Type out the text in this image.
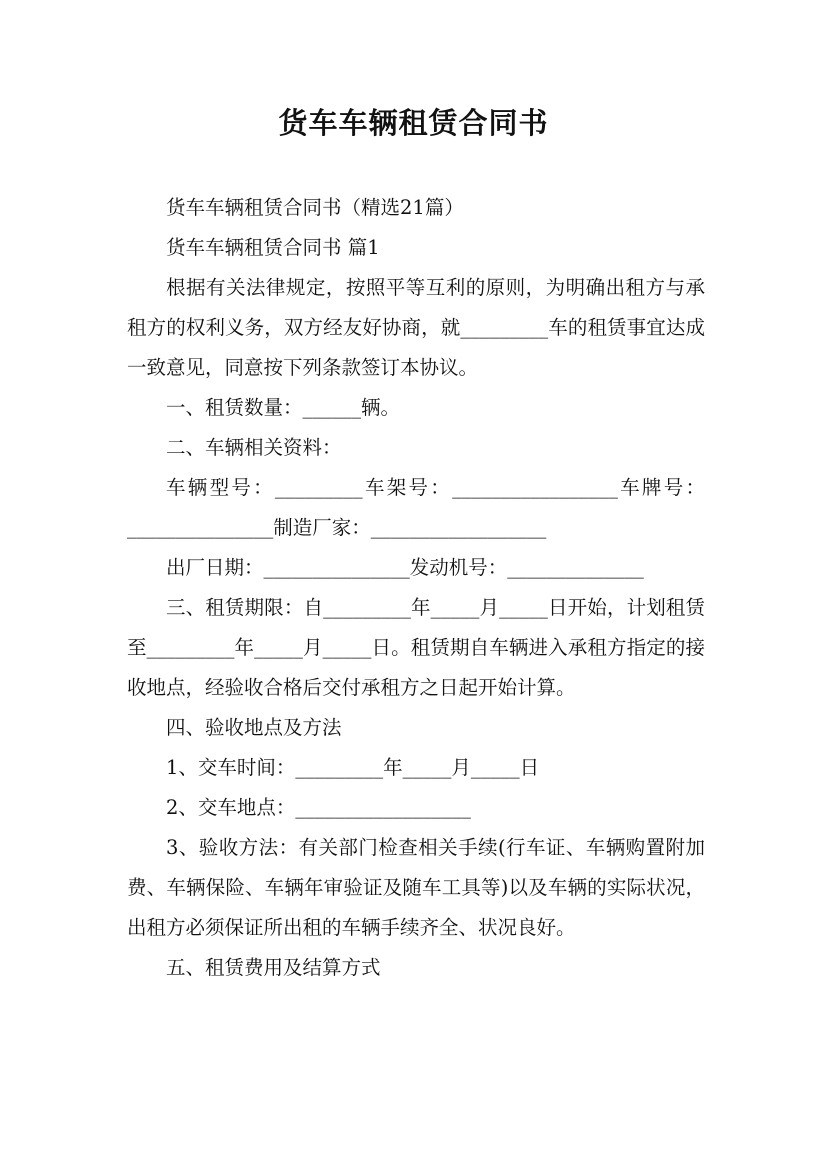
货车车辆租赁合同书

货车车辆租赁合同书（精选21篇）

货车车辆租赁合同书 篇1

根据有关法律规定，按照平等互利的原则，为明确出租方与承租方的权利义务，双方经友好协商，就_________车的租赁事宜达成一致意见，同意按下列条款签订本协议。

一、租赁数量：______辆。

二、车辆相关资料：

车辆型号：_________车架号：_________________车牌号：_______________制造厂家：__________________

出厂日期：_______________发动机号：______________

三、租赁期限：自_________年_____月_____日开始，计划租赁至_________年_____月_____日。租赁期自车辆进入承租方指定的接收地点，经验收合格后交付承租方之日起开始计算。

四、验收地点及方法

1、交车时间：_________年_____月_____日

2、交车地点：__________________

3、验收方法：有关部门检查相关手续(行车证、车辆购置附加费、车辆保险、车辆年审验证及随车工具等)以及车辆的实际状况，出租方必须保证所出租的车辆手续齐全、状况良好。

五、租赁费用及结算方式
